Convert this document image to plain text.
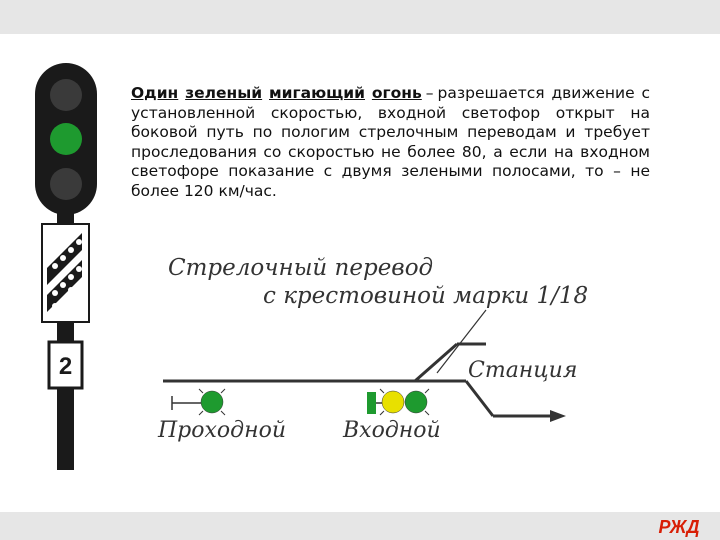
Один зеленый мигающий огонь – разрешается движение с установленной скоростью, входной светофор открыт на боковой путь по пологим стрелочным переводам и требует проследования со скоростью не более 80, а если на входном светофоре показание с двумя зелеными полосами, то – не более 120 км/час.
2
Стрелочный перевод
с крестовиной марки 1/18
Станция
Проходной	Входной
РЖД
